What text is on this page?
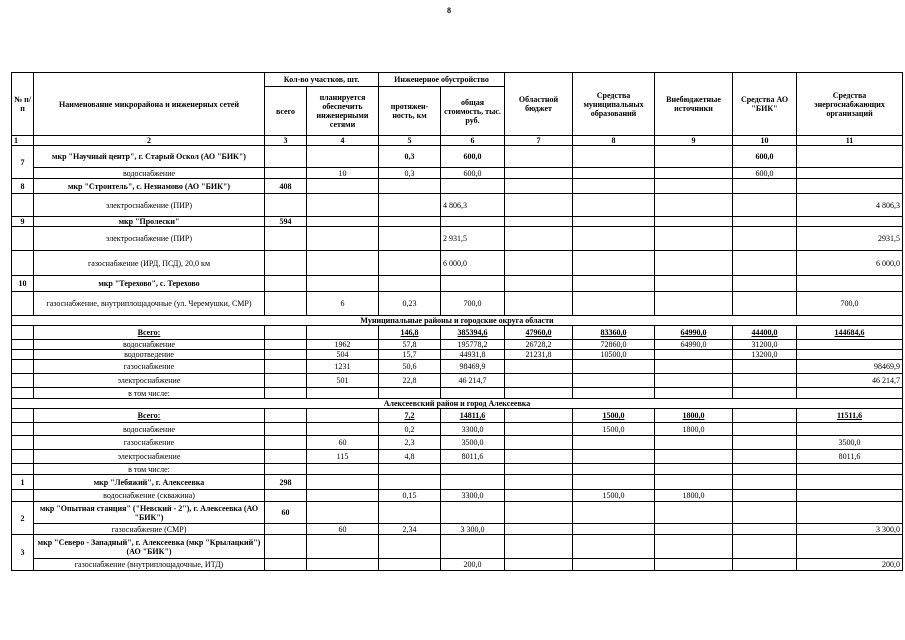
8
№ п/п	Наименование микрорайона и инженерных сетей	Кол-во участков, шт.		Инженерное обустройство		Областной бюджет	Средства муниципальных образований	Внебюджетные источники	Средства АО "БИК"	Средства энергоснабжающих организаций
		всего	планируется обеспечить инженерными сетями	протяжен- ность, км	общая стоимость, тыс. руб.					
1	2	3	4	5	6	7	8	9	10	11
7	мкр "Научный центр", г. Старый Оскол (АО "БИК")			0,3	600,0				600,0	
	водоснабжение		10	0,3	600,0				600,0	
8	мкр "Строитель", с. Незнамово (АО "БИК")	408								
	электроснабжение (ПИР)				4 806,3					4 806,3
9	мкр "Пролески"	594								
	электроснабжение (ПИР)				2 931,5					2931,5
	газоснабжение (ИРД, ПСД), 20,0 км				6 000,0					6 000,0
10	мкр "Терехово", с. Терехово									
	газоснабжение, внутриплощадочные (ул. Черемушки, СМР)		6	0,23	700,0					700,0
Муниципальные районы и городские округа области										
	Всего:			146,8	385394,6	47960,0	83360,0	64990,0	44400,0	144684,6
	водоснабжение		1962	57,8	195778,2	26728,2	72860,0	64990,0	31200,0	
	водоотведение		504	15,7	44931,8	21231,8	10500,0		13200,0	
	газоснабжение		1231	50,6	98469,9					98469,9
	электроснабжение		501	22,8	46 214,7					46 214,7
	в том числе:									
Алексеевский район и город Алексеевка										
	Всего:			7,2	14811,6		1500,0	1800,0		11511,6
	водоснабжение			0,2	3300,0		1500,0	1800,0		
	газоснабжение		60	2,3	3500,0					3500,0
	электроснабжение		115	4,8	8011,6					8011,6
	в том числе:									
1	мкр "Лебяжий", г. Алексеевка	298								
	водоснабжение (скважина)			0,15	3300,0		1500,0	1800,0		
2	мкр "Опытная станция" ("Невский - 2"), г. Алексеевка (АО "БИК")	60								
	газоснабжение (СМР)		60	2,34	3 300,0					3 300,0
3	мкр "Северо - Западный", г. Алексеевка (мкр "Крылацкий") (АО "БИК")									
	газоснабжение (внутриплощадочные, ИТД)				200,0					200,0
